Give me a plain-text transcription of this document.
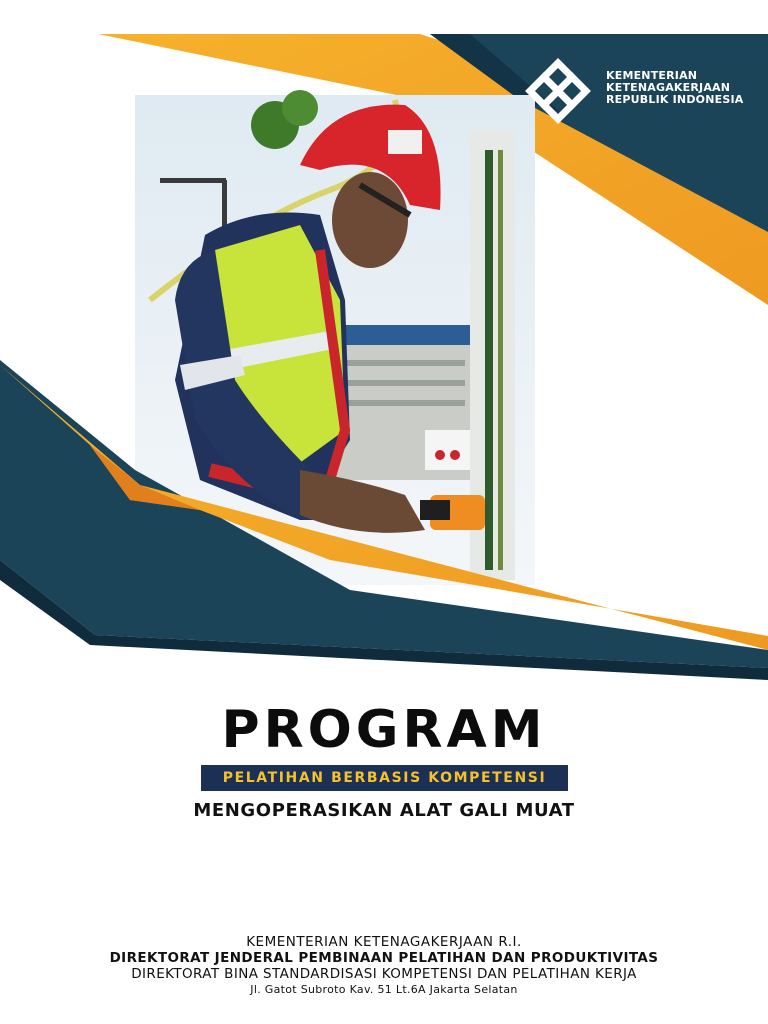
KEMENTERIAN
KETENAGAKERJAAN
REPUBLIK INDONESIA
PROGRAM
PELATIHAN BERBASIS KOMPETENSI
MENGOPERASIKAN ALAT GALI MUAT
KEMENTERIAN KETENAGAKERJAAN R.I.
DIREKTORAT JENDERAL PEMBINAAN PELATIHAN DAN PRODUKTIVITAS
DIREKTORAT BINA STANDARDISASI KOMPETENSI DAN PELATIHAN KERJA
Jl. Gatot Subroto Kav. 51 Lt.6A Jakarta Selatan
